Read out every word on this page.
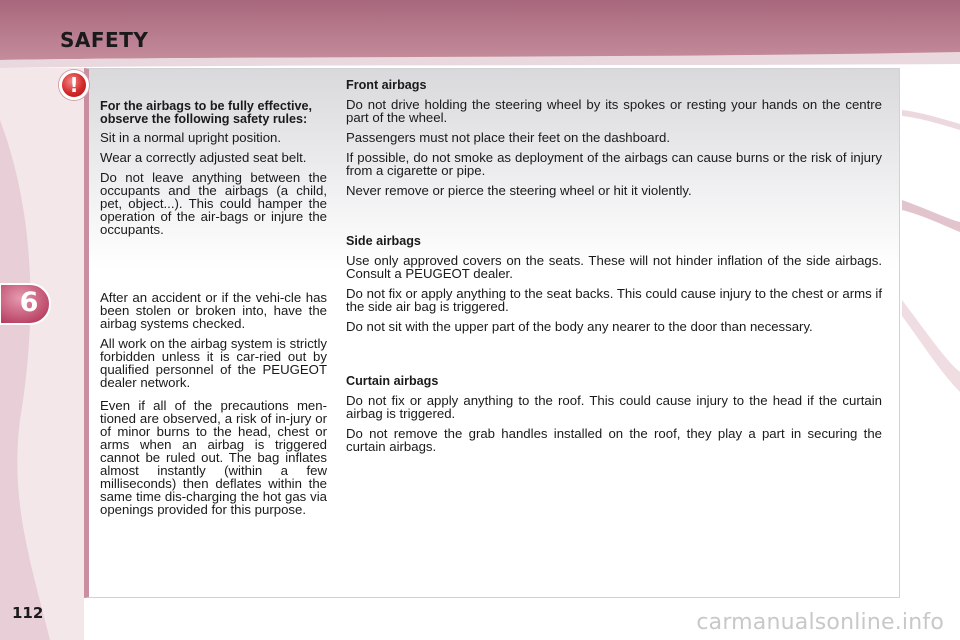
SAFETY
!
6

For the airbags to be fully effective, observe the following safety rules:

Sit in a normal upright position.

Wear a correctly adjusted seat belt.

Do not leave anything between the occupants and the airbags (a child, pet, object...). This could hamper the operation of the air-bags or injure the occupants.

After an accident or if the vehi-cle has been stolen or broken into, have the airbag systems checked.

All work on the airbag system is strictly forbidden unless it is car-ried out by qualified personnel of the PEUGEOT dealer network.

Even if all of the precautions men-tioned are observed, a risk of in-jury or of minor burns to the head, chest or arms when an airbag is triggered cannot be ruled out. The bag inflates almost instantly (within a few milliseconds) then deflates within the same time dis-charging the hot gas via openings provided for this purpose.

Front airbags

Do not drive holding the steering wheel by its spokes or resting your hands on the centre part of the wheel.

Passengers must not place their feet on the dashboard.

If possible, do not smoke as deployment of the airbags can cause burns or the risk of injury from a cigarette or pipe.

Never remove or pierce the steering wheel or hit it violently.

Side airbags

Use only approved covers on the seats. These will not hinder inflation of the side airbags. Consult a PEUGEOT dealer.

Do not fix or apply anything to the seat backs. This could cause injury to the chest or arms if the side air bag is triggered.

Do not sit with the upper part of the body any nearer to the door than necessary.

Curtain airbags

Do not fix or apply anything to the roof. This could cause injury to the head if the curtain airbag is triggered.

Do not remove the grab handles installed on the roof, they play a part in securing the curtain airbags.

112	carmanualsonline.info
